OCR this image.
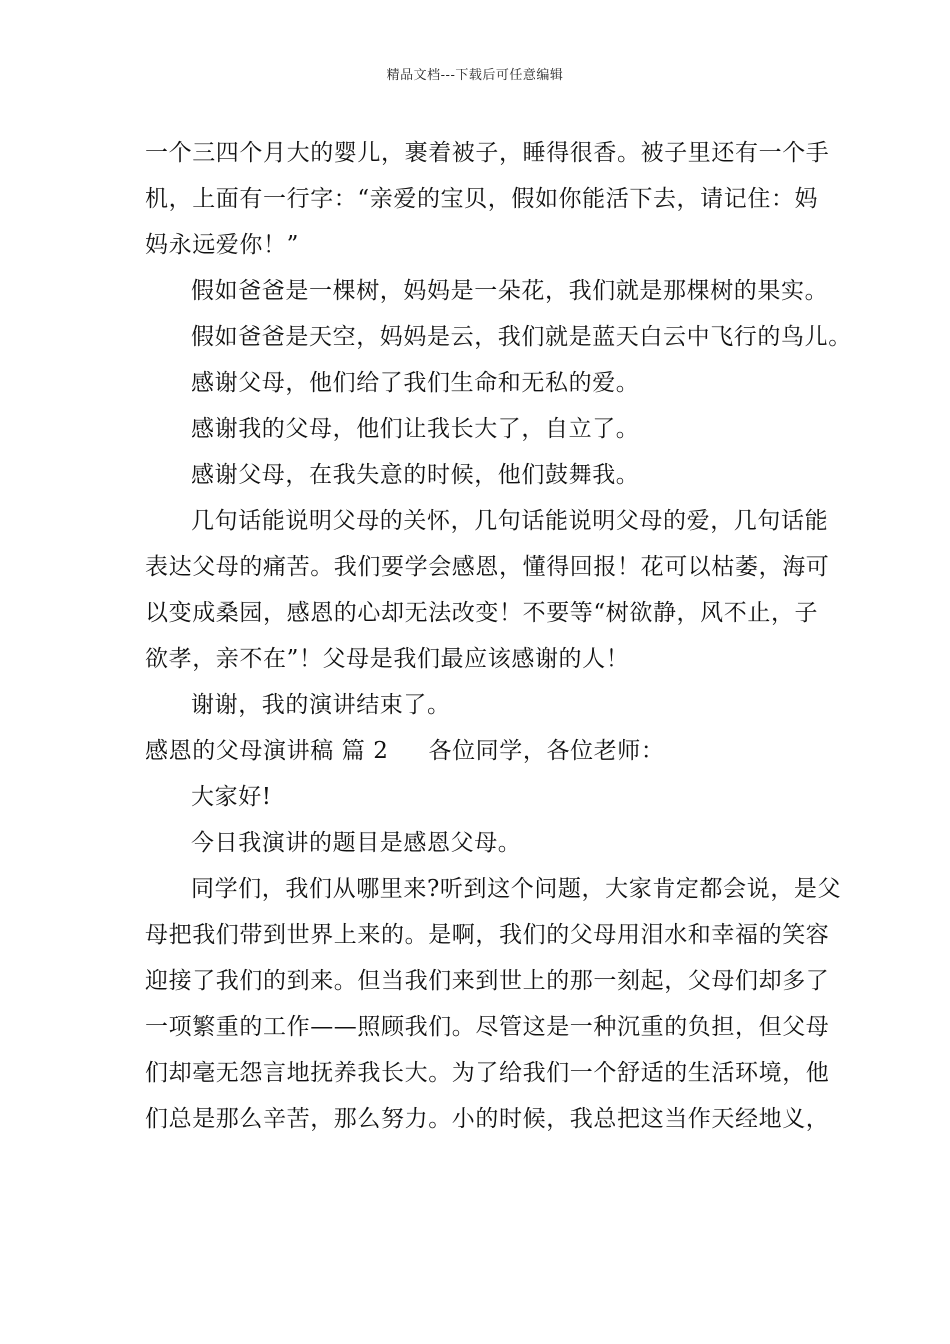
精品文档---下载后可任意编辑
一个三四个月大的婴儿，裹着被子，睡得很香。被子里还有一个手
机，上面有一行字：“亲爱的宝贝，假如你能活下去，请记住：妈
妈永远爱你！”
假如爸爸是一棵树，妈妈是一朵花，我们就是那棵树的果实。
假如爸爸是天空，妈妈是云，我们就是蓝天白云中飞行的鸟儿。
感谢父母，他们给了我们生命和无私的爱。
感谢我的父母，他们让我长大了，自立了。
感谢父母，在我失意的时候，他们鼓舞我。
几句话能说明父母的关怀，几句话能说明父母的爱，几句话能
表达父母的痛苦。我们要学会感恩，懂得回报！花可以枯萎，海可
以变成桑园，感恩的心却无法改变！不要等“树欲静，风不止，子
欲孝，亲不在”！父母是我们最应该感谢的人！
谢谢，我的演讲结束了。
感恩的父母演讲稿 篇 2 各位同学，各位老师：
大家好!
今日我演讲的题目是感恩父母。
同学们，我们从哪里来?听到这个问题，大家肯定都会说，是父
母把我们带到世界上来的。是啊，我们的父母用泪水和幸福的笑容
迎接了我们的到来。但当我们来到世上的那一刻起，父母们却多了
一项繁重的工作——照顾我们。尽管这是一种沉重的负担，但父母
们却毫无怨言地抚养我长大。为了给我们一个舒适的生活环境，他
们总是那么辛苦，那么努力。小的时候，我总把这当作天经地义，
